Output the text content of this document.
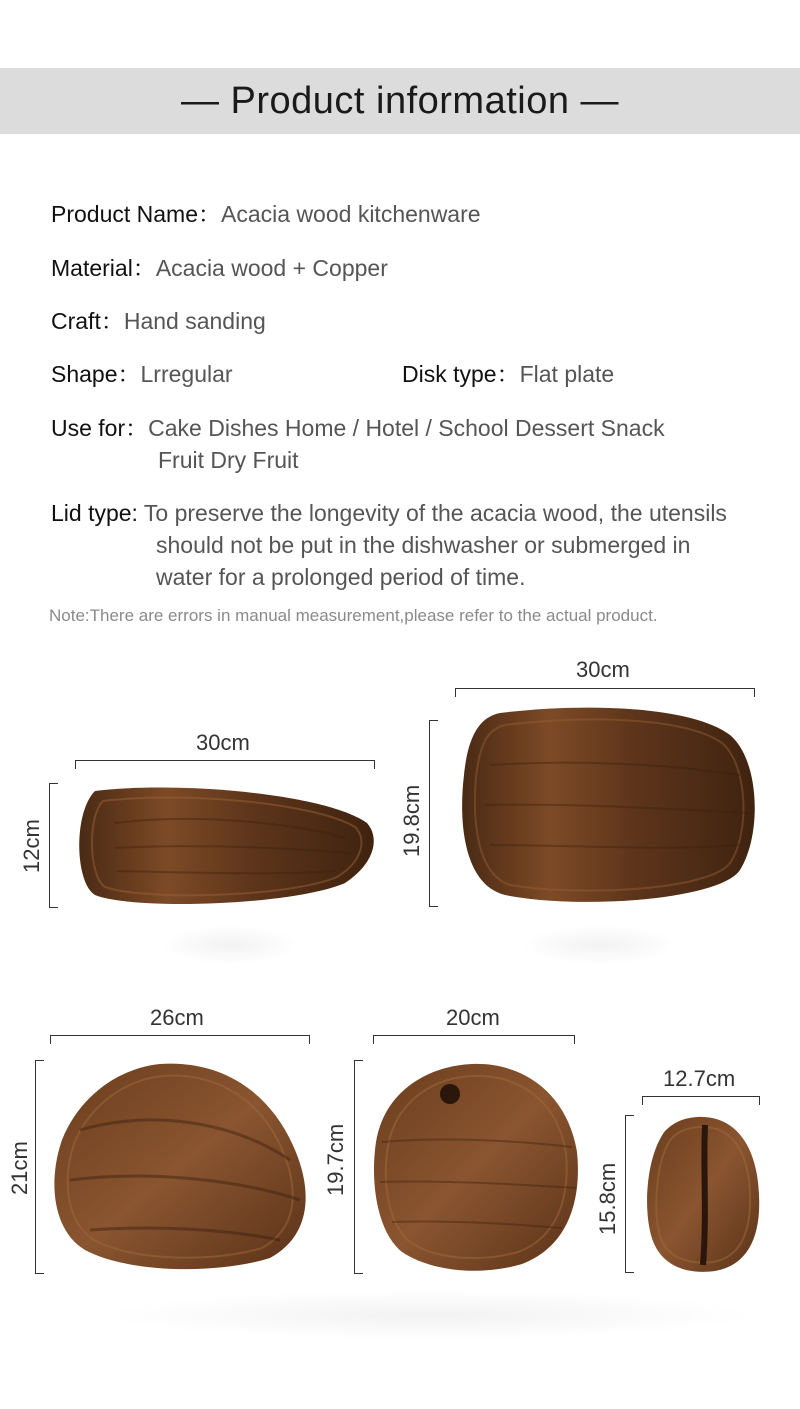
— Product information —
Product Name：Acacia wood kitchenware
Material：Acacia wood + Copper
Craft：Hand sanding
Shape：Lrregular	Disk type：Flat plate
Use for：Cake Dishes Home / Hotel / School Dessert Snack
Fruit Dry Fruit
Lid type: To preserve the longevity of the acacia wood, the utensils
should not be put in the dishwasher or submerged in
water for a prolonged period of time.
Note:There are errors in manual measurement,please refer to the actual product.
30cm
12cm
30cm
19.8cm
26cm
21cm
20cm
19.7cm
12.7cm
15.8cm
